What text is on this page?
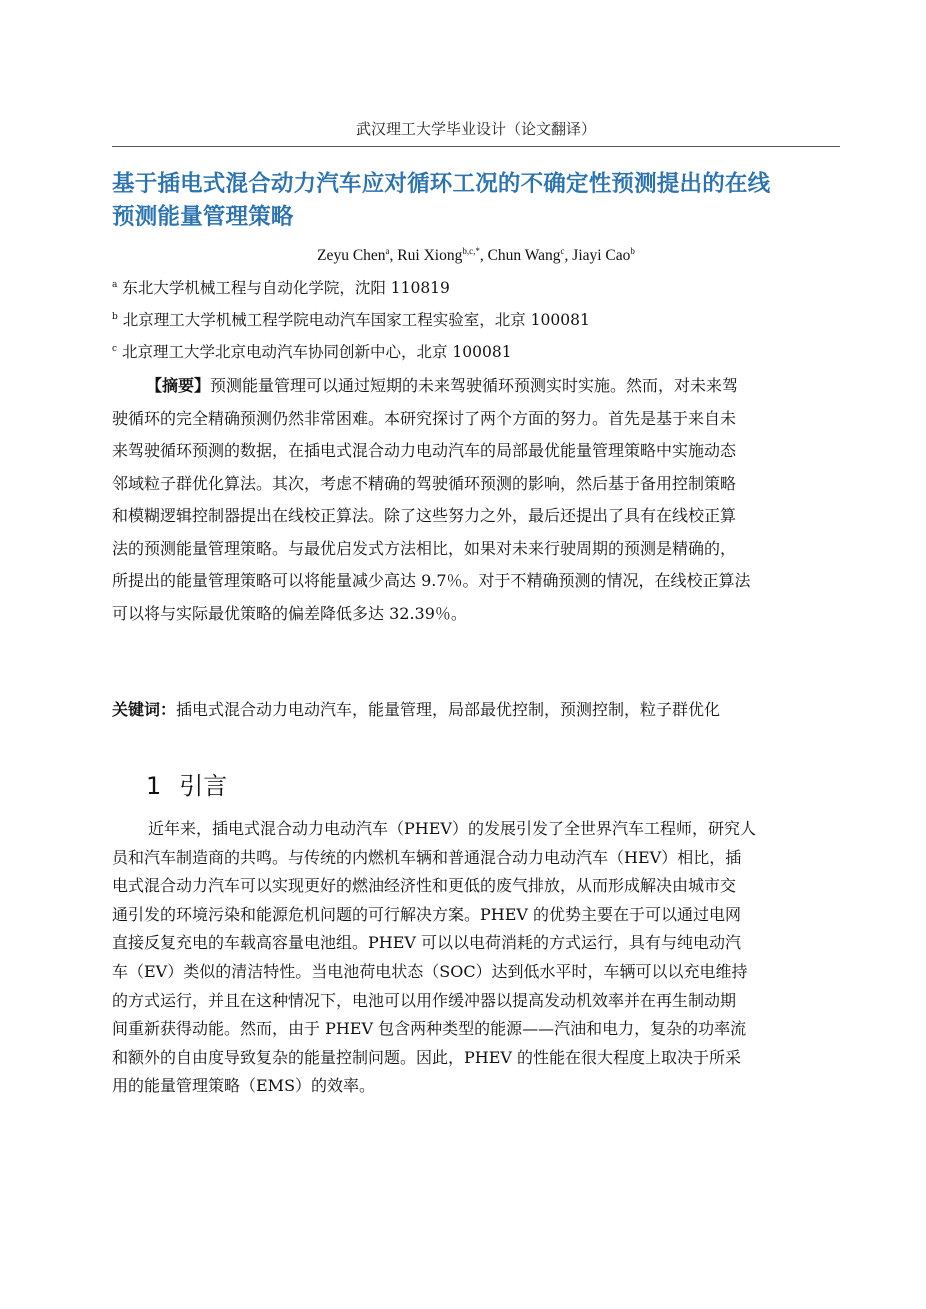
武汉理工大学毕业设计（论文翻译）
基于插电式混合动力汽车应对循环工况的不确定性预测提出的在线
预测能量管理策略
Zeyu Chen$^a$, Rui Xiong$^{b,c,*}$, Chun Wang$^c$, Jiayi Cao$^b$
$^a$ 东北大学机械工程与自动化学院，沈阳 110819
$^b$ 北京理工大学机械工程学院电动汽车国家工程实验室，北京 100081
$^c$ 北京理工大学北京电动汽车协同创新中心，北京 100081
【摘要】预测能量管理可以通过短期的未来驾驶循环预测实时实施。然而，对未来驾
驶循环的完全精确预测仍然非常困难。本研究探讨了两个方面的努力。首先是基于来自未
来驾驶循环预测的数据，在插电式混合动力电动汽车的局部最优能量管理策略中实施动态
邻域粒子群优化算法。其次，考虑不精确的驾驶循环预测的影响，然后基于备用控制策略
和模糊逻辑控制器提出在线校正算法。除了这些努力之外，最后还提出了具有在线校正算
法的预测能量管理策略。与最优启发式方法相比，如果对未来行驶周期的预测是精确的，
所提出的能量管理策略可以将能量减少高达 9.7％。对于不精确预测的情况，在线校正算法
可以将与实际最优策略的偏差降低多达 32.39％。
关键词：插电式混合动力电动汽车，能量管理，局部最优控制，预测控制，粒子群优化
1 引言
近年来，插电式混合动力电动汽车（PHEV）的发展引发了全世界汽车工程师，研究人
员和汽车制造商的共鸣。与传统的内燃机车辆和普通混合动力电动汽车（HEV）相比，插
电式混合动力汽车可以实现更好的燃油经济性和更低的废气排放，从而形成解决由城市交
通引发的环境污染和能源危机问题的可行解决方案。PHEV 的优势主要在于可以通过电网
直接反复充电的车载高容量电池组。PHEV 可以以电荷消耗的方式运行，具有与纯电动汽
车（EV）类似的清洁特性。当电池荷电状态（SOC）达到低水平时，车辆可以以充电维持
的方式运行，并且在这种情况下，电池可以用作缓冲器以提高发动机效率并在再生制动期
间重新获得动能。然而，由于 PHEV 包含两种类型的能源——汽油和电力，复杂的功率流
和额外的自由度导致复杂的能量控制问题。因此，PHEV 的性能在很大程度上取决于所采
用的能量管理策略（EMS）的效率。
